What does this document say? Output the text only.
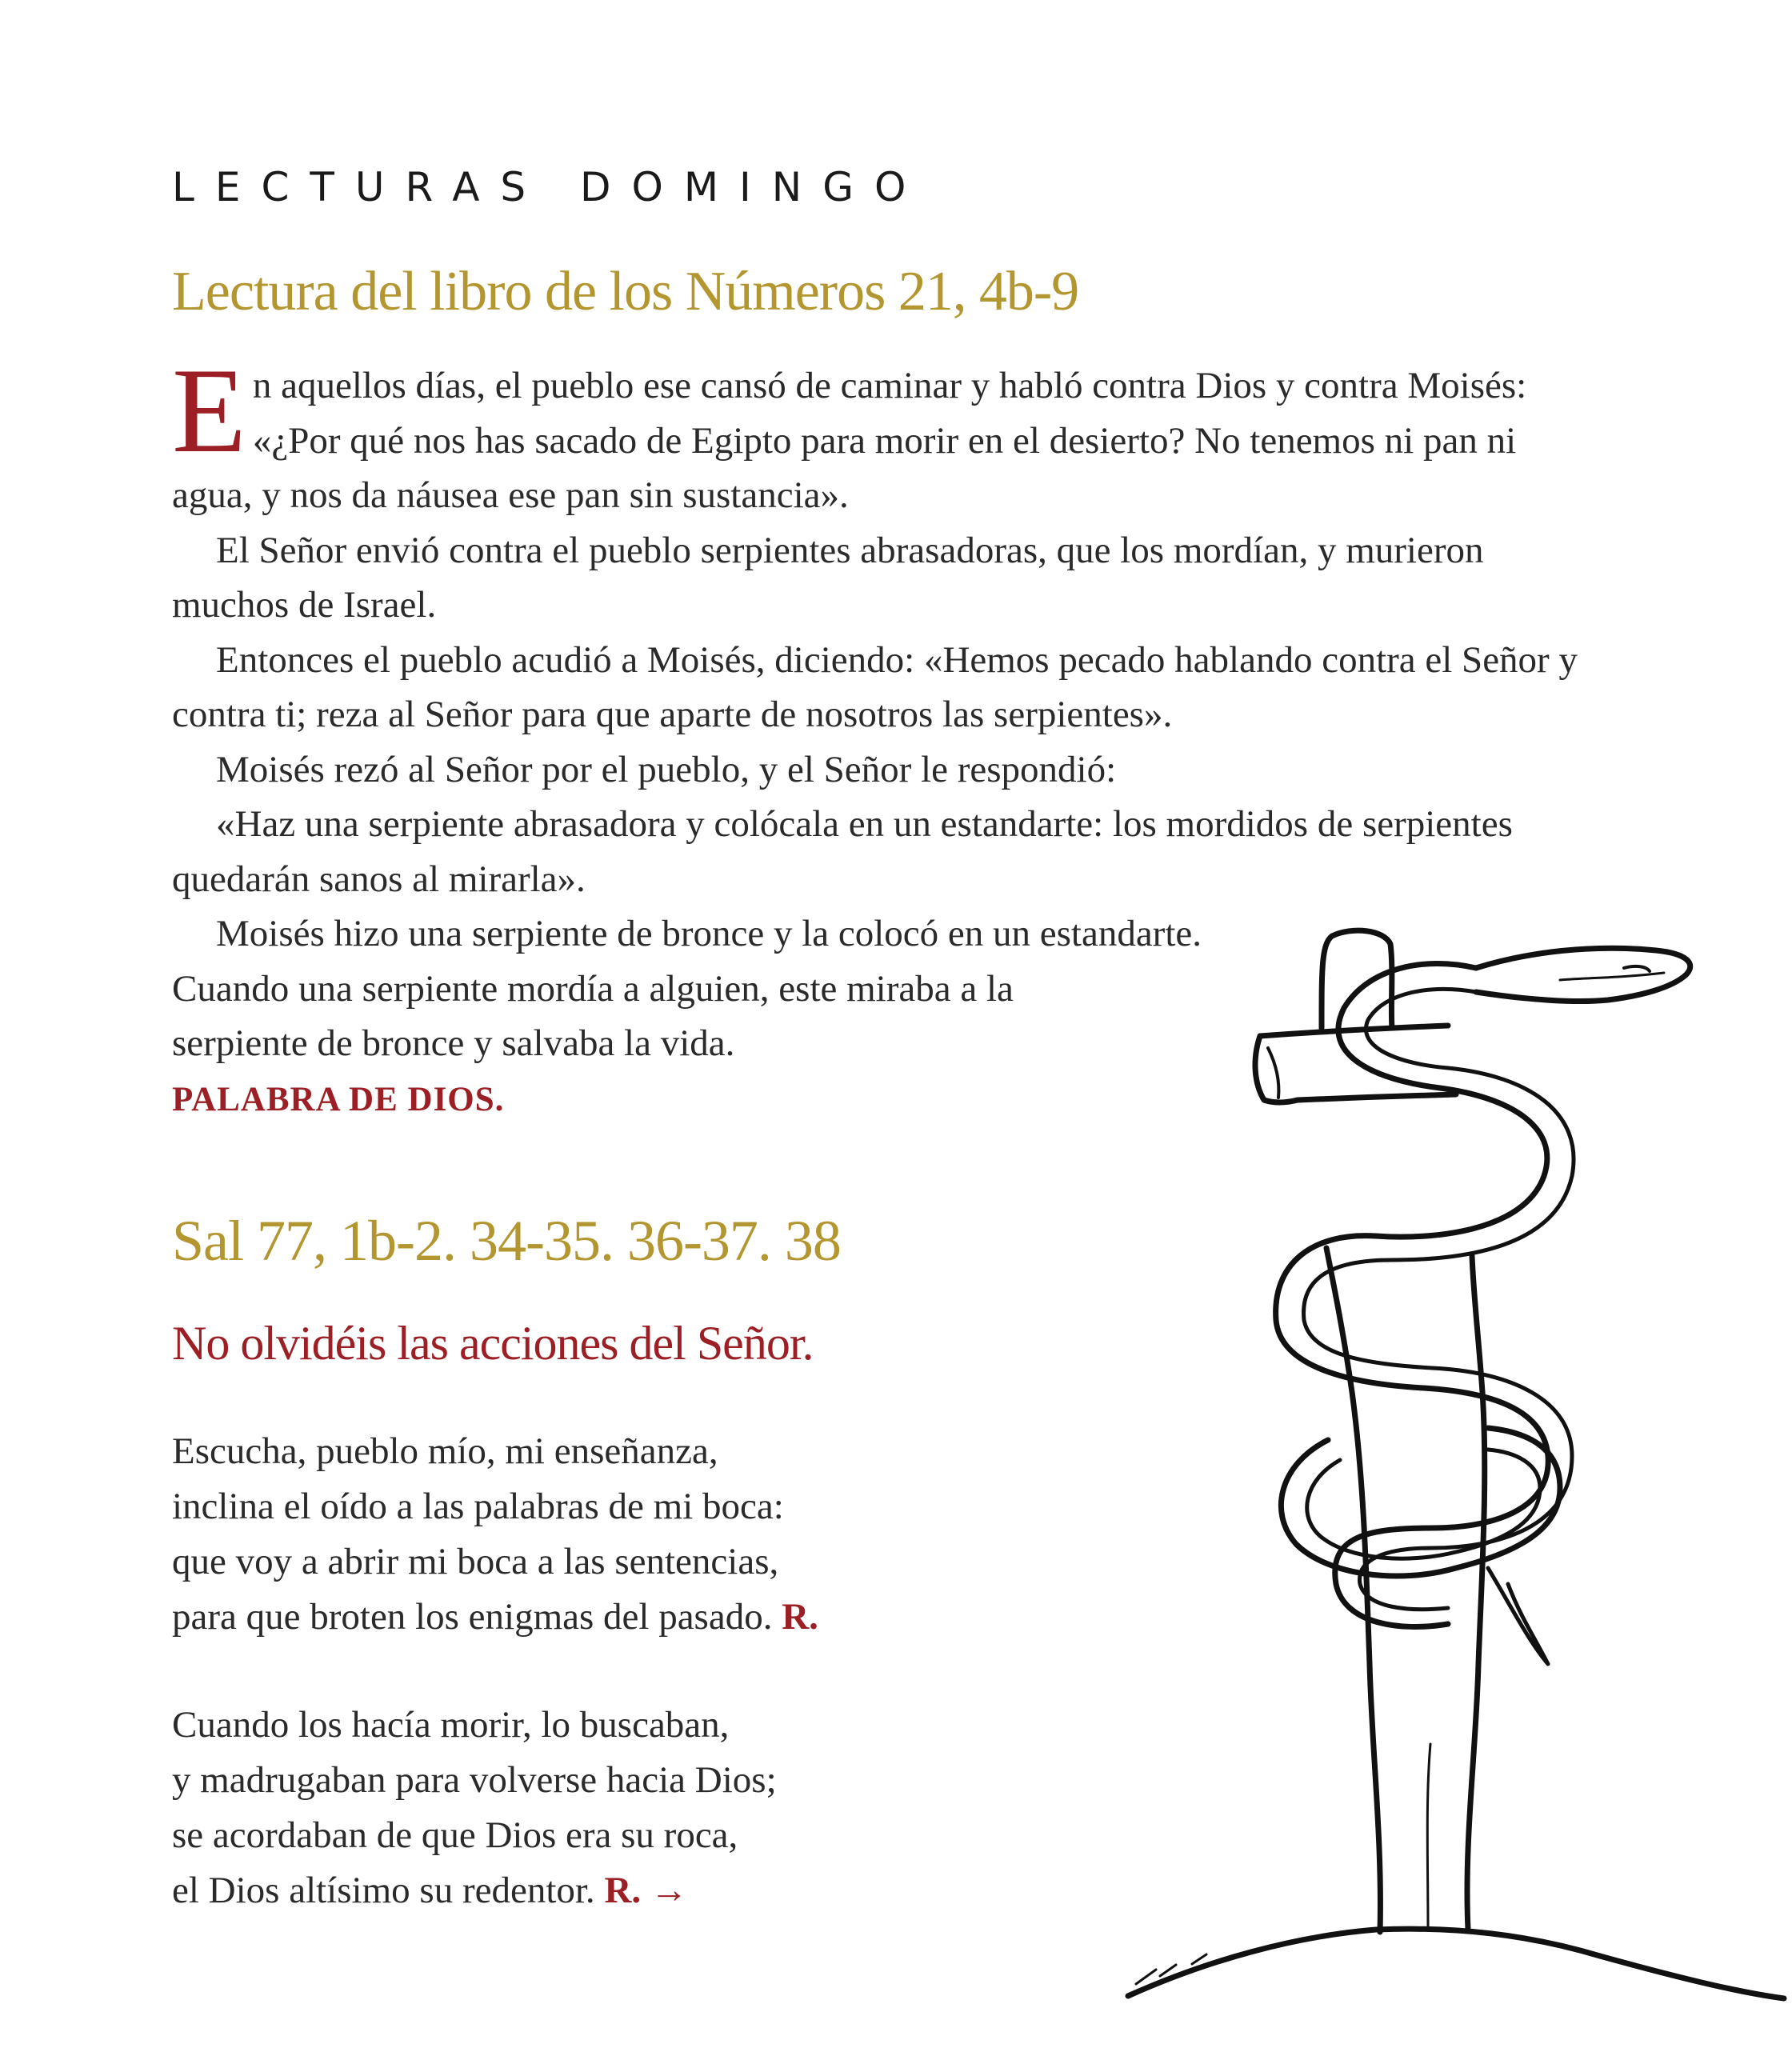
LECTURAS DOMINGO
Lectura del libro de los Números 21, 4b-9

En aquellos días, el pueblo ese cansó de caminar y habló contra Dios y contra Moisés: «¿Por qué nos has sacado de Egipto para morir en el desierto? No tenemos ni pan ni agua, y nos da náusea ese pan sin sustancia».

El Señor envió contra el pueblo serpientes abrasadoras, que los mordían, y murieron muchos de Israel.

Entonces el pueblo acudió a Moisés, diciendo: «Hemos pecado hablando contra el Señor y contra ti; reza al Señor para que aparte de nosotros las serpientes».

Moisés rezó al Señor por el pueblo, y el Señor le respondió:

«Haz una serpiente abrasadora y colócala en un estandarte: los mordidos de serpientes quedarán sanos al mirarla».

Moisés hizo una serpiente de bronce y la colocó en un estandarte.

Cuando una serpiente mordía a alguien, este miraba a la

serpiente de bronce y salvaba la vida.

PALABRA DE DIOS.

Sal 77, 1b-2. 34-35. 36-37. 38
No olvidéis las acciones del Señor.
Escucha, pueblo mío, mi enseñanza,
inclina el oído a las palabras de mi boca:
que voy a abrir mi boca a las sentencias,
para que broten los enigmas del pasado. R.
Cuando los hacía morir, lo buscaban,
y madrugaban para volverse hacia Dios;
se acordaban de que Dios era su roca,
el Dios altísimo su redentor. R. →
